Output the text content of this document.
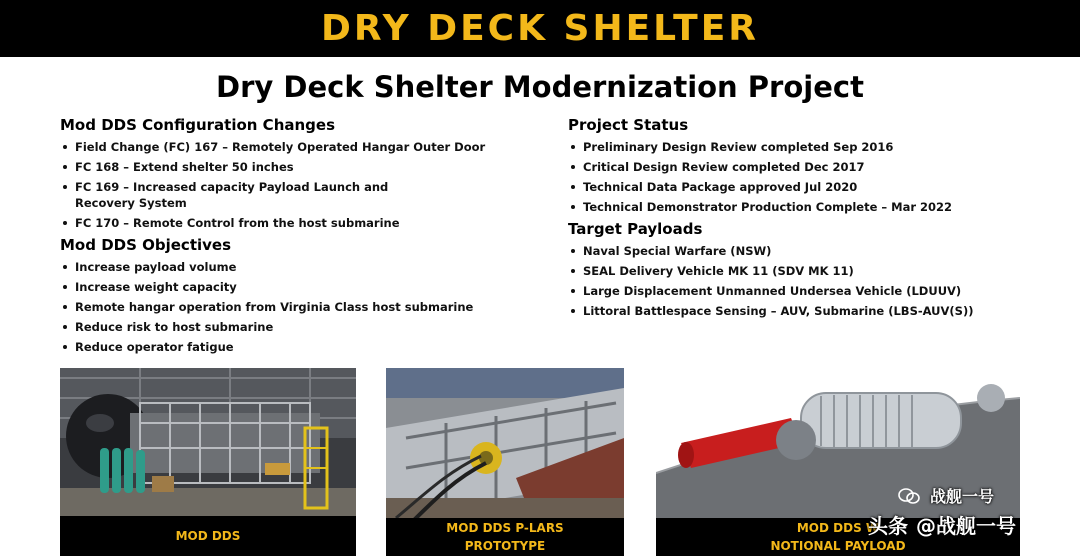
DRY DECK SHELTER
Dry Deck Shelter Modernization Project
Mod DDS Configuration Changes
Field Change (FC) 167 – Remotely Operated Hangar Outer Door
FC 168 – Extend shelter 50 inches
FC 169 – Increased capacity Payload Launch and
Recovery System
FC 170 – Remote Control from the host submarine
Mod DDS Objectives
Increase payload volume
Increase weight capacity
Remote hangar operation from Virginia Class host submarine
Reduce risk to host submarine
Reduce operator fatigue
Project Status
Preliminary Design Review completed Sep 2016
Critical Design Review completed Dec 2017
Technical Data Package approved Jul 2020
Technical Demonstrator Production Complete – Mar 2022
Target Payloads
Naval Special Warfare (NSW)
SEAL Delivery Vehicle MK 11 (SDV MK 11)
Large Displacement Unmanned Undersea Vehicle (LDUUV)
Littoral Battlespace Sensing – AUV, Submarine (LBS-AUV(S))
MOD DDS
MOD DDS P-LARS
PROTOTYPE
MOD DDS W
NOTIONAL PAYLOAD
战舰一号
头条 @战舰一号
